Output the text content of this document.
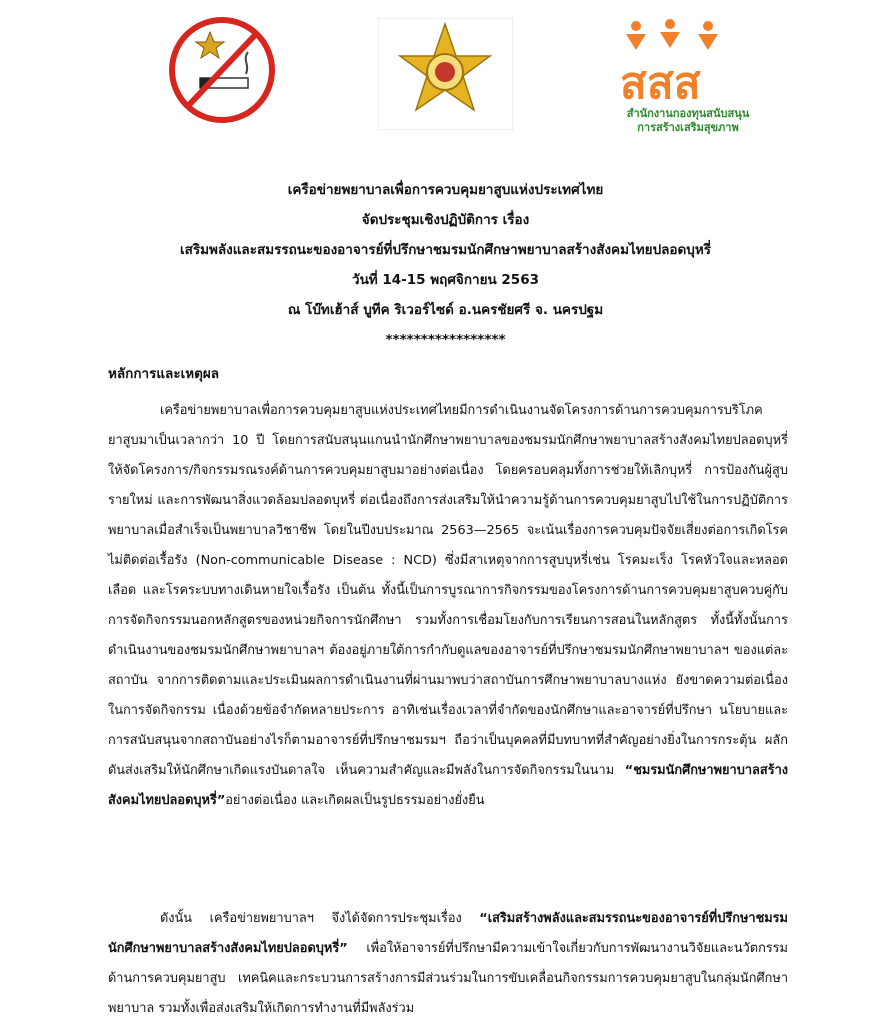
สสส
สำนักงานกองทุนสนับสนุน
การสร้างเสริมสุขภาพ
เครือข่ายพยาบาลเพื่อการควบคุมยาสูบแห่งประเทศไทย
จัดประชุมเชิงปฏิบัติการ เรื่อง
เสริมพลังและสมรรถนะของอาจารย์ที่ปรึกษาชมรมนักศึกษาพยาบาลสร้างสังคมไทยปลอดบุหรี่
วันที่ 14-15 พฤศจิกายน 2563
ณ โบ๊ทเฮ้าส์ บูทีค ริเวอร์ไซด์ อ.นครชัยศรี จ. นครปฐม
*****************
หลักการและเหตุผล
เครือข่ายพยาบาลเพื่อการควบคุมยาสูบแห่งประเทศไทยมีการดำเนินงานจัดโครงการด้านการควบคุมการบริโภคยาสูบมาเป็นเวลากว่า 10 ปี โดยการสนับสนุนแกนนำนักศึกษาพยาบาลของชมรมนักศึกษาพยาบาลสร้างสังคมไทยปลอดบุหรี่ ให้จัดโครงการ/กิจกรรมรณรงค์ด้านการควบคุมยาสูบมาอย่างต่อเนื่อง โดยครอบคลุมทั้งการช่วยให้เลิกบุหรี่ การป้องกันผู้สูบรายใหม่ และการพัฒนาสิ่งแวดล้อมปลอดบุหรี่ ต่อเนื่องถึงการส่งเสริมให้นำความรู้ด้านการควบคุมยาสูบไปใช้ในการปฏิบัติการพยาบาลเมื่อสำเร็จเป็นพยาบาลวิชาชีพ โดยในปีงบประมาณ 2563—2565 จะเน้นเรื่องการควบคุมปัจจัยเสี่ยงต่อการเกิดโรคไม่ติดต่อเรื้อรัง (Non-communicable Disease : NCD) ซึ่งมีสาเหตุจากการสูบบุหรี่เช่น โรคมะเร็ง โรคหัวใจและหลอดเลือด และโรคระบบทางเดินหายใจเรื้อรัง เป็นต้น ทั้งนี้เป็นการบูรณาการกิจกรรมของโครงการด้านการควบคุมยาสูบควบคู่กับการจัดกิจกรรมนอกหลักสูตรของหน่วยกิจการนักศึกษา รวมทั้งการเชื่อมโยงกับการเรียนการสอนในหลักสูตร ทั้งนี้ทั้งนั้นการดำเนินงานของชมรมนักศึกษาพยาบาลฯ ต้องอยู่ภายใต้การกำกับดูแลของอาจารย์ที่ปรึกษาชมรมนักศึกษาพยาบาลฯ ของแต่ละสถาบัน จากการติดตามและประเมินผลการดำเนินงานที่ผ่านมาพบว่าสถาบันการศึกษาพยาบาลบางแห่ง ยังขาดความต่อเนื่องในการจัดกิจกรรม เนื่องด้วยข้อจำกัดหลายประการ อาทิเช่นเรื่องเวลาที่จำกัดของนักศึกษาและอาจารย์ที่ปรึกษา นโยบายและการสนับสนุนจากสถาบันอย่างไรก็ตามอาจารย์ที่ปรึกษาชมรมฯ ถือว่าเป็นบุคคลที่มีบทบาทที่สำคัญอย่างยิ่งในการกระตุ้น ผลักดันส่งเสริมให้นักศึกษาเกิดแรงบันดาลใจ เห็นความสำคัญและมีพลังในการจัดกิจกรรมในนาม “ชมรมนักศึกษาพยาบาลสร้างสังคมไทยปลอดบุหรี่”อย่างต่อเนื่อง และเกิดผลเป็นรูปธรรมอย่างยั่งยืน
ดังนั้น เครือข่ายพยาบาลฯ จึงได้จัดการประชุมเรื่อง “เสริมสร้างพลังและสมรรถนะของอาจารย์ที่ปรึกษาชมรมนักศึกษาพยาบาลสร้างสังคมไทยปลอดบุหรี่” เพื่อให้อาจารย์ที่ปรึกษามีความเข้าใจเกี่ยวกับการพัฒนางานวิจัยและนวัตกรรมด้านการควบคุมยาสูบ เทคนิคและกระบวนการสร้างการมีส่วนร่วมในการขับเคลื่อนกิจกรรมการควบคุมยาสูบในกลุ่มนักศึกษาพยาบาล รวมทั้งเพื่อส่งเสริมให้เกิดการทำงานที่มีพลังร่วม
